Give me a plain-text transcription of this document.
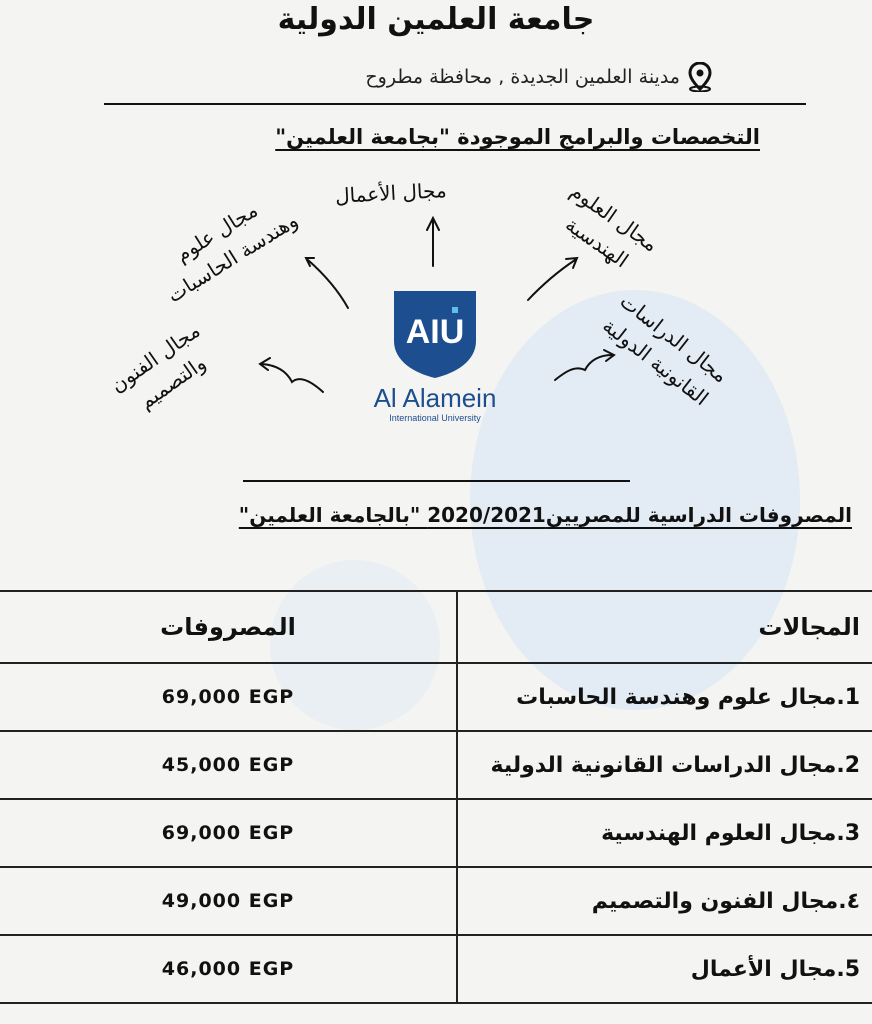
جامعة العلمين الدولية
مدينة العلمين الجديدة , محافظة مطروح
التخصصات والبرامج الموجودة "بجامعة العلمين"
مجال الأعمال
مجال علوم
وهندسة الحاسبات
مجال العلوم
الهندسية
مجال الفنون
والتصميم
مجال الدراسات
القانونية الدولية
AIU
Al Alamein
International University
المصروفات الدراسية للمصريين2020/2021 "بالجامعة العلمين"
المصروفات	المجالات
69,000 EGP	1.مجال علوم وهندسة الحاسبات
45,000 EGP	2.مجال الدراسات القانونية الدولية
69,000 EGP	3.مجال العلوم الهندسية
49,000 EGP	٤.مجال الفنون والتصميم
46,000 EGP	5.مجال الأعمال
